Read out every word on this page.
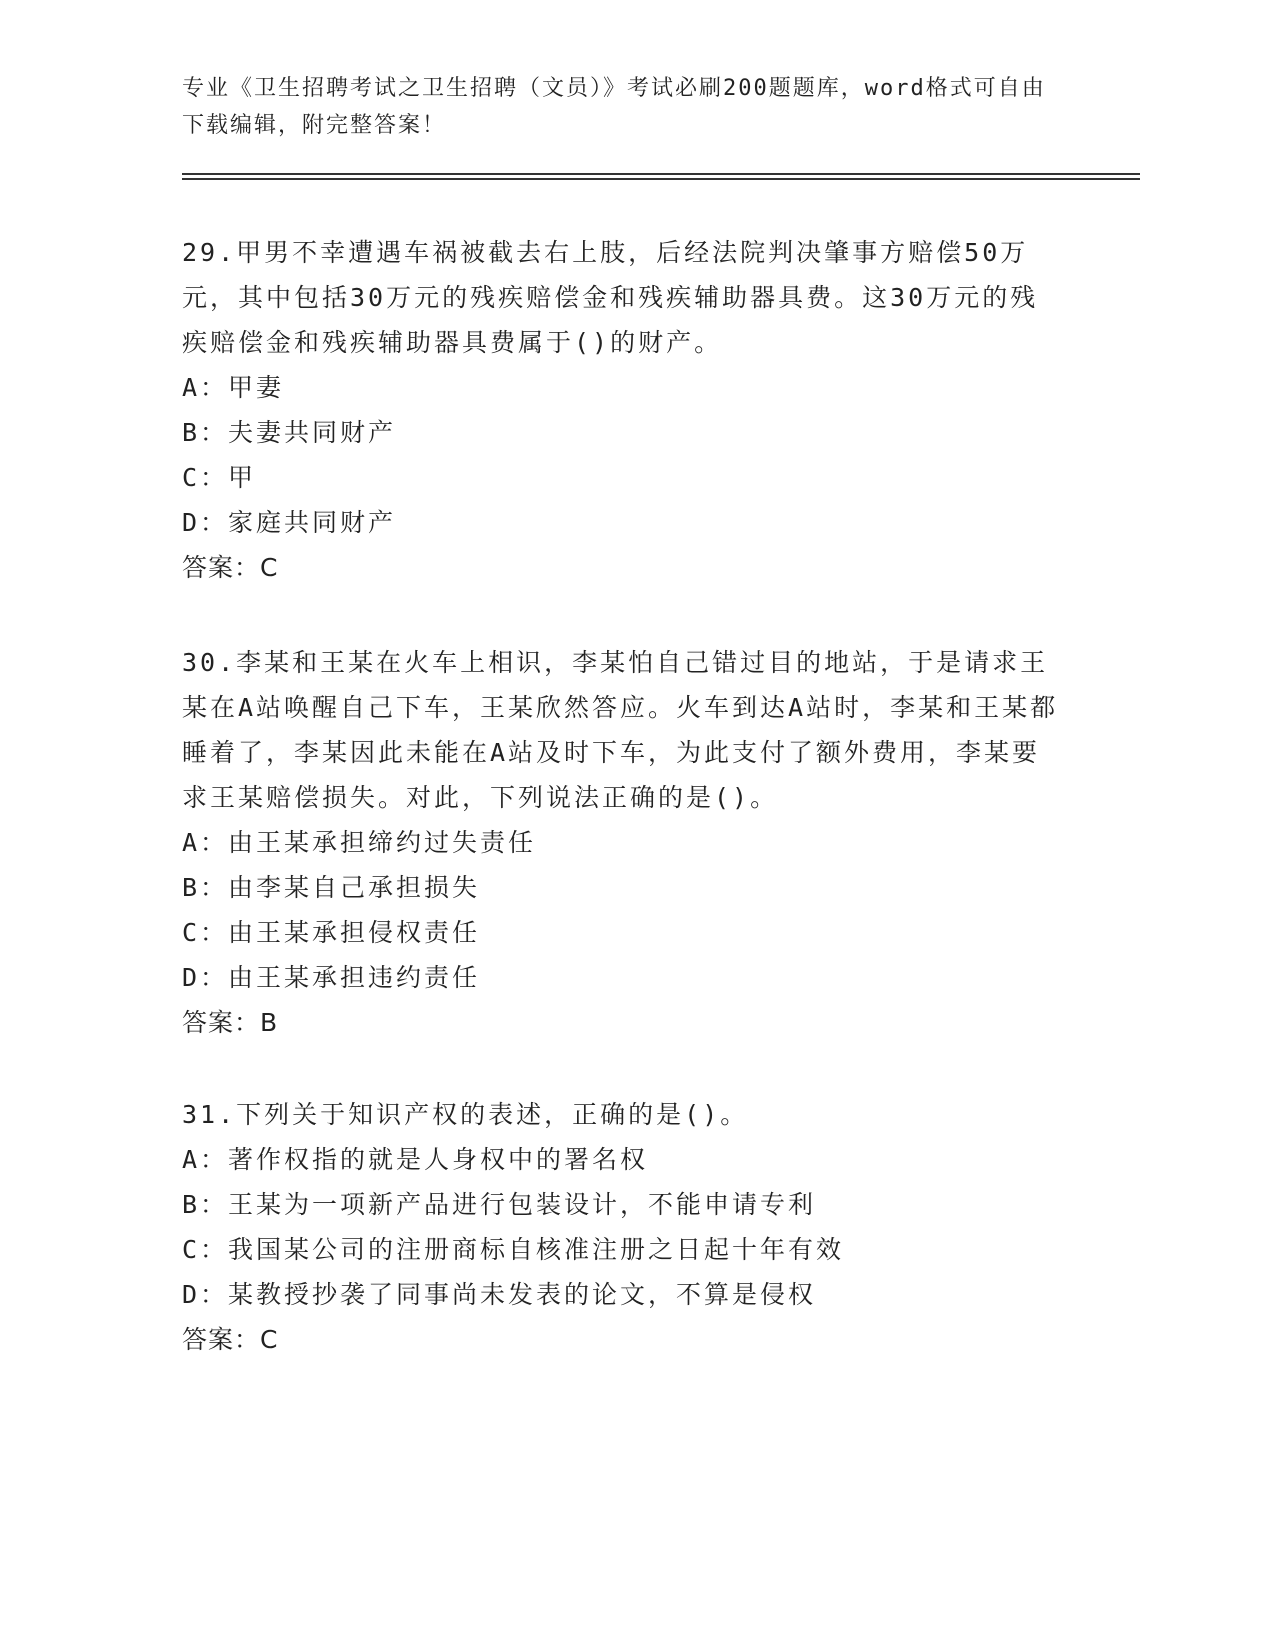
专业《卫生招聘考试之卫生招聘（文员）》考试必刷200题题库，word格式可自由下载编辑，附完整答案！

29.甲男不幸遭遇车祸被截去右上肢，后经法院判决肇事方赔偿50万元，其中包括30万元的残疾赔偿金和残疾辅助器具费。这30万元的残疾赔偿金和残疾辅助器具费属于()的财产。

A：甲妻

B：夫妻共同财产

C：甲

D：家庭共同财产

答案：C

30.李某和王某在火车上相识，李某怕自己错过目的地站，于是请求王某在A站唤醒自己下车，王某欣然答应。火车到达A站时，李某和王某都睡着了，李某因此未能在A站及时下车，为此支付了额外费用，李某要求王某赔偿损失。对此，下列说法正确的是()。

A：由王某承担缔约过失责任

B：由李某自己承担损失

C：由王某承担侵权责任

D：由王某承担违约责任

答案：B

31.下列关于知识产权的表述，正确的是()。

A：著作权指的就是人身权中的署名权

B：王某为一项新产品进行包装设计，不能申请专利

C：我国某公司的注册商标自核准注册之日起十年有效

D：某教授抄袭了同事尚未发表的论文，不算是侵权

答案：C
